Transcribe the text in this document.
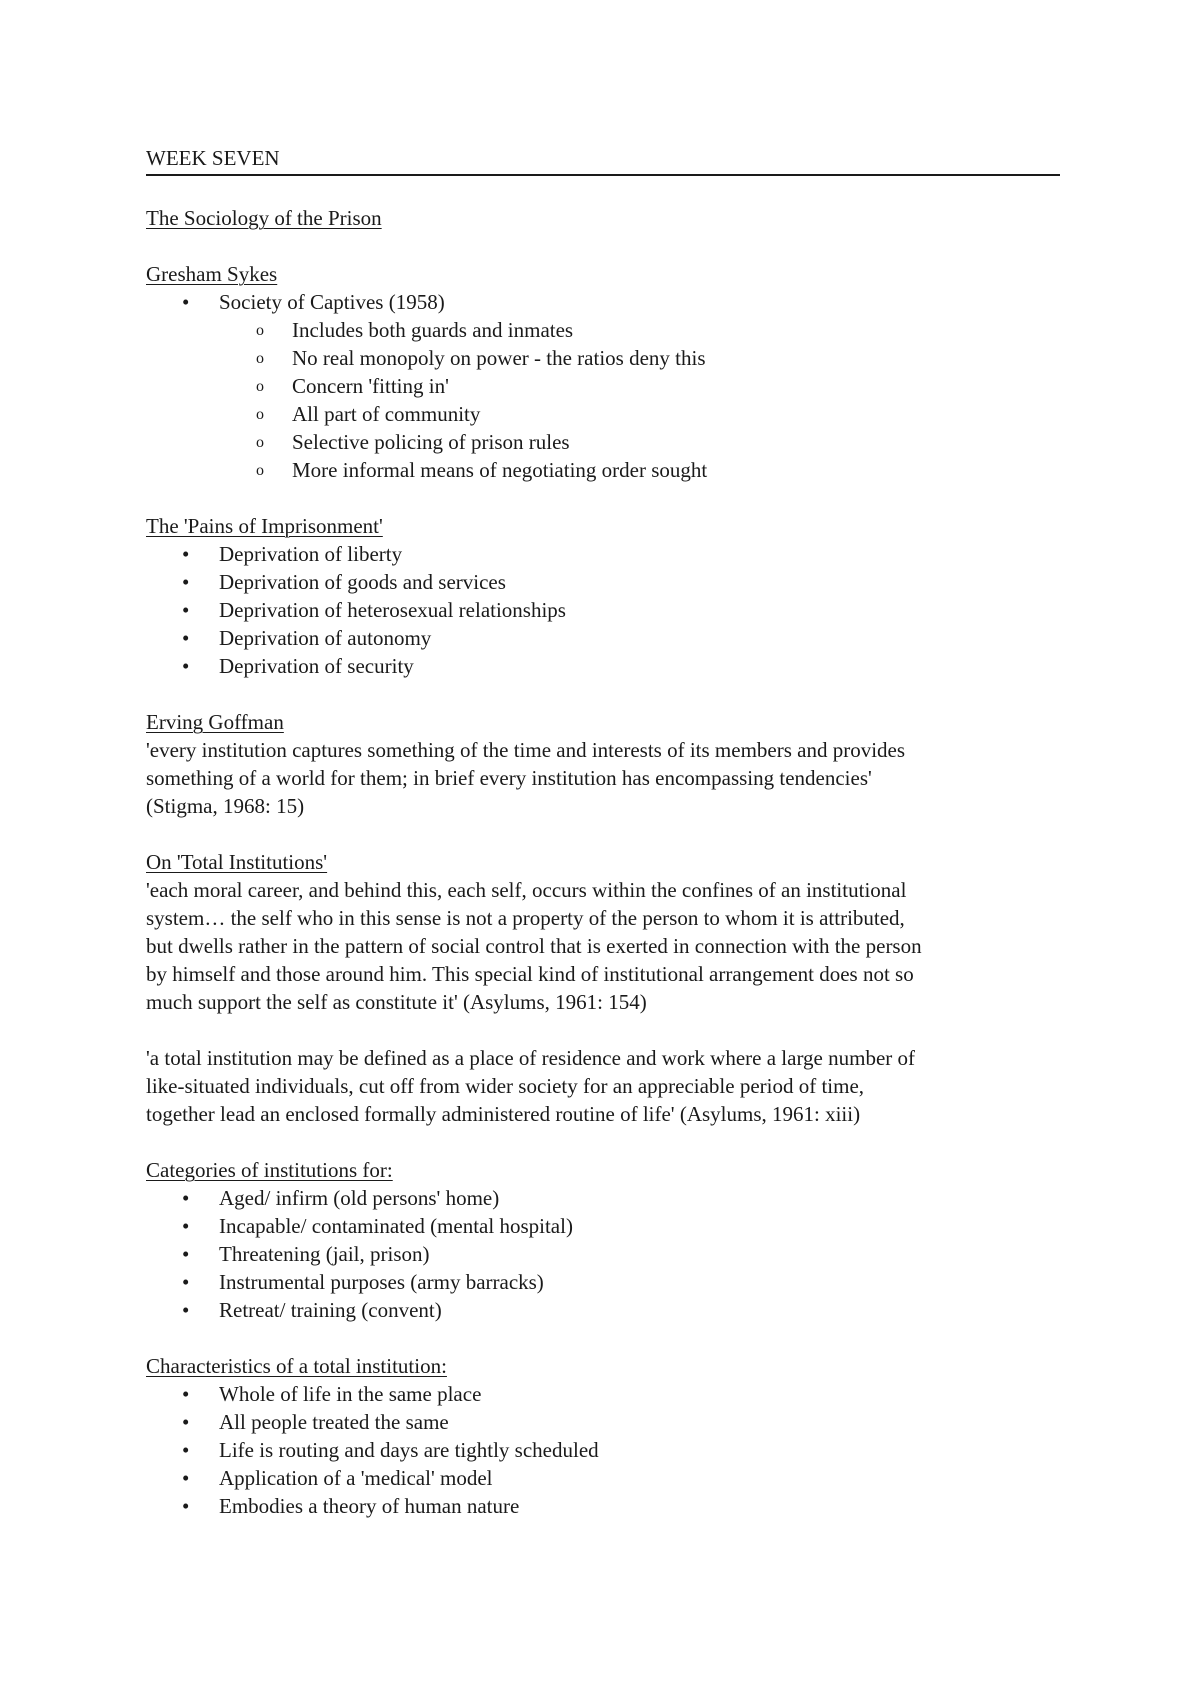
WEEK SEVEN
The Sociology of the Prison
Gresham Sykes
• Society of Captives (1958)
o Includes both guards and inmates
o No real monopoly on power - the ratios deny this
o Concern 'fitting in'
o All part of community
o Selective policing of prison rules
o More informal means of negotiating order sought
The 'Pains of Imprisonment'
• Deprivation of liberty
• Deprivation of goods and services
• Deprivation of heterosexual relationships
• Deprivation of autonomy
• Deprivation of security
Erving Goffman

'every institution captures something of the time and interests of its members and provides

something of a world for them; in brief every institution has encompassing tendencies'

(Stigma, 1968: 15)

On 'Total Institutions'

'each moral career, and behind this, each self, occurs within the confines of an institutional

system… the self who in this sense is not a property of the person to whom it is attributed,

but dwells rather in the pattern of social control that is exerted in connection with the person

by himself and those around him. This special kind of institutional arrangement does not so

much support the self as constitute it' (Asylums, 1961: 154)

'a total institution may be defined as a place of residence and work where a large number of

like-situated individuals, cut off from wider society for an appreciable period of time,

together lead an enclosed formally administered routine of life' (Asylums, 1961: xiii)

Categories of institutions for:
• Aged/ infirm (old persons' home)
• Incapable/ contaminated (mental hospital)
• Threatening (jail, prison)
• Instrumental purposes (army barracks)
• Retreat/ training (convent)
Characteristics of a total institution:
• Whole of life in the same place
• All people treated the same
• Life is routing and days are tightly scheduled
• Application of a 'medical' model
• Embodies a theory of human nature
